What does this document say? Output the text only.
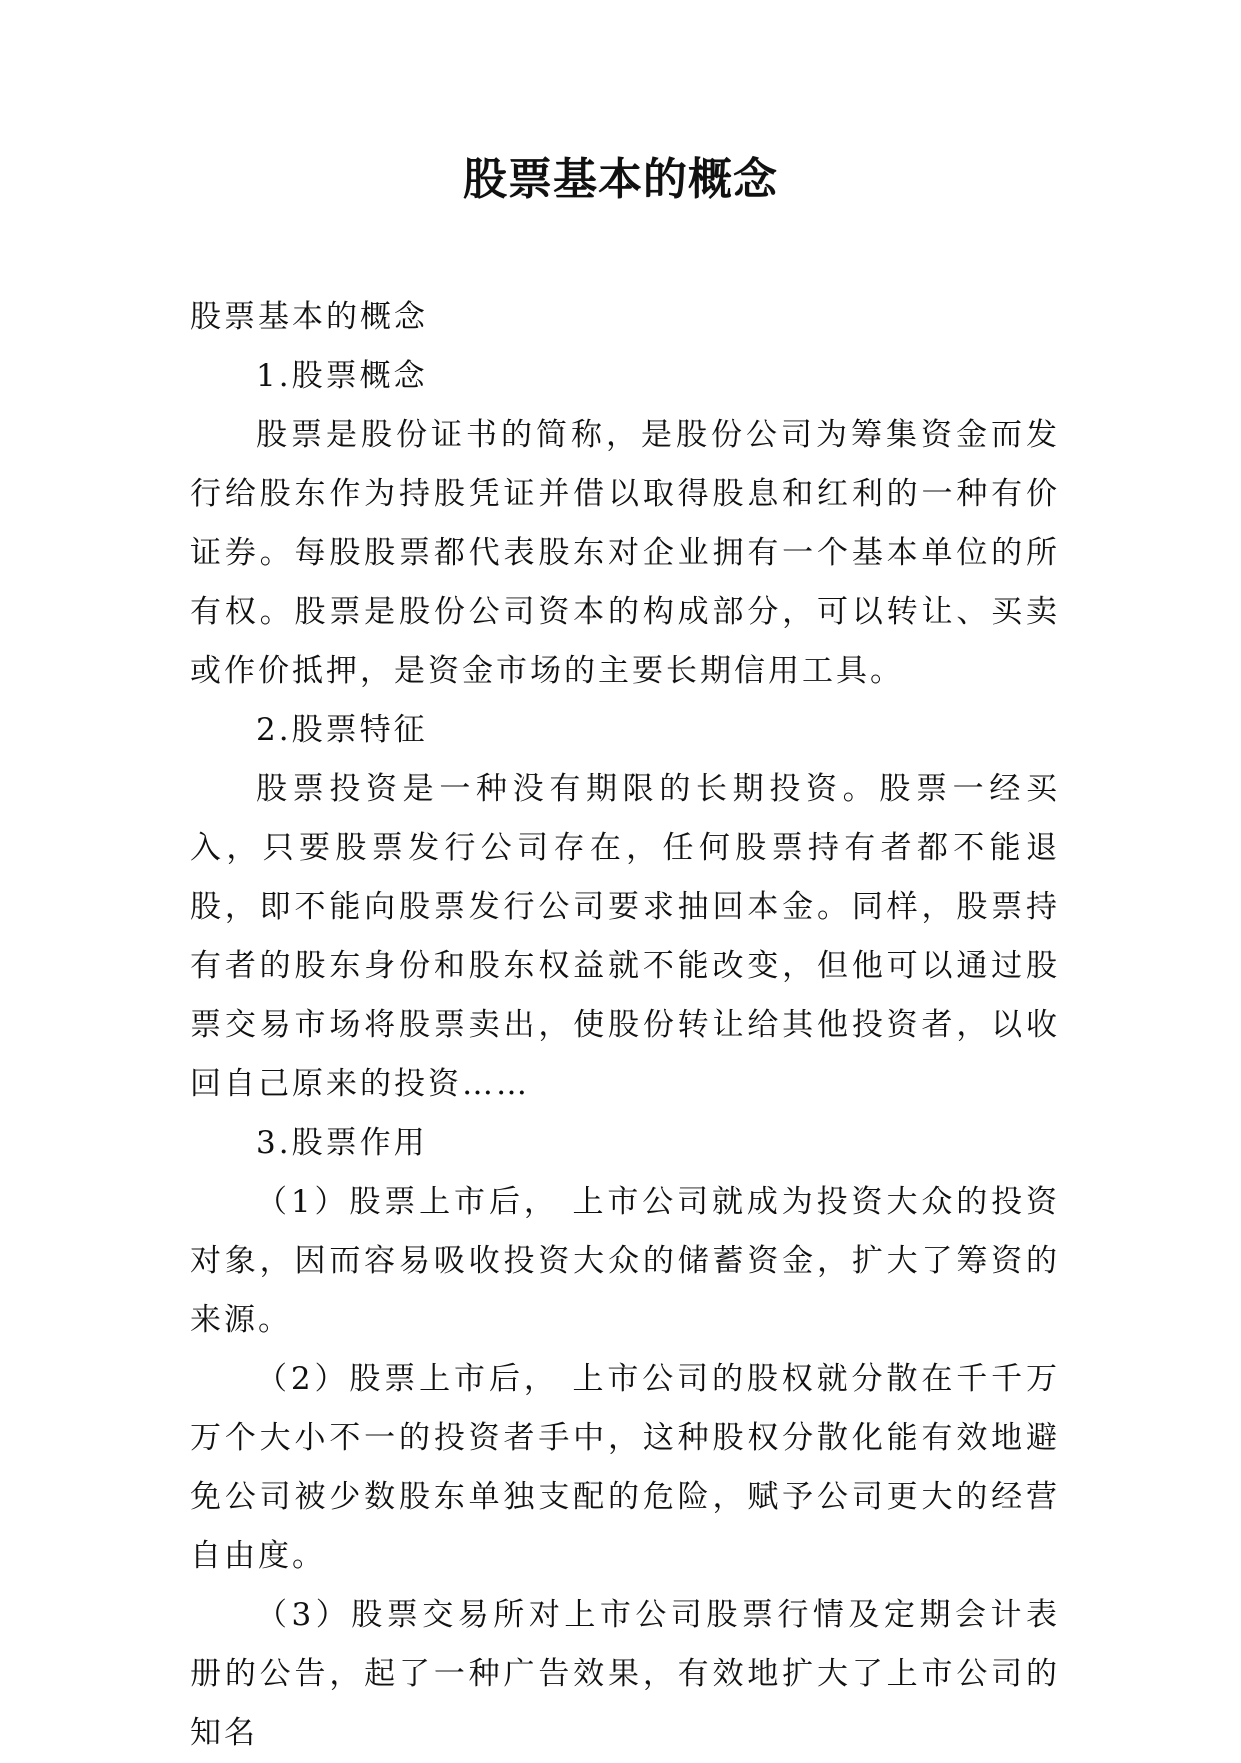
股票基本的概念

股票基本的概念

1.股票概念

股票是股份证书的简称，是股份公司为筹集资金而发行给股东作为持股凭证并借以取得股息和红利的一种有价证券。每股股票都代表股东对企业拥有一个基本单位的所有权。股票是股份公司资本的构成部分，可以转让、买卖或作价抵押，是资金市场的主要长期信用工具。

2.股票特征

股票投资是一种没有期限的长期投资。股票一经买入，只要股票发行公司存在，任何股票持有者都不能退股，即不能向股票发行公司要求抽回本金。同样，股票持有者的股东身份和股东权益就不能改变，但他可以通过股票交易市场将股票卖出，使股份转让给其他投资者，以收回自己原来的投资……

3.股票作用

（1）股票上市后， 上市公司就成为投资大众的投资对象，因而容易吸收投资大众的储蓄资金，扩大了筹资的来源。

（2）股票上市后， 上市公司的股权就分散在千千万万个大小不一的投资者手中，这种股权分散化能有效地避免公司被少数股东单独支配的危险，赋予公司更大的经营自由度。

（3）股票交易所对上市公司股票行情及定期会计表册的公告，起了一种广告效果，有效地扩大了上市公司的知名
